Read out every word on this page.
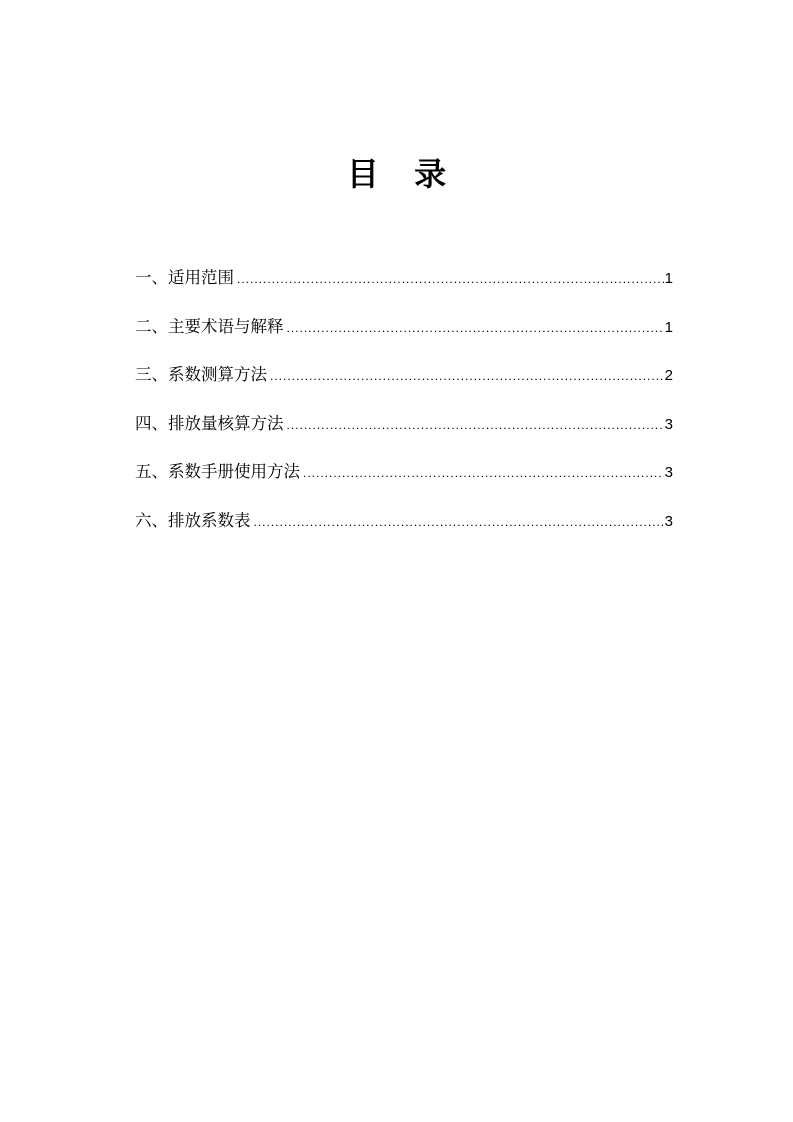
目 录
一、适用范围 .....	1
二、主要术语与解释 .....	1
三、系数测算方法 .....	2
四、排放量核算方法 .....	3
五、系数手册使用方法 .....	3
六、排放系数表 .....	3
